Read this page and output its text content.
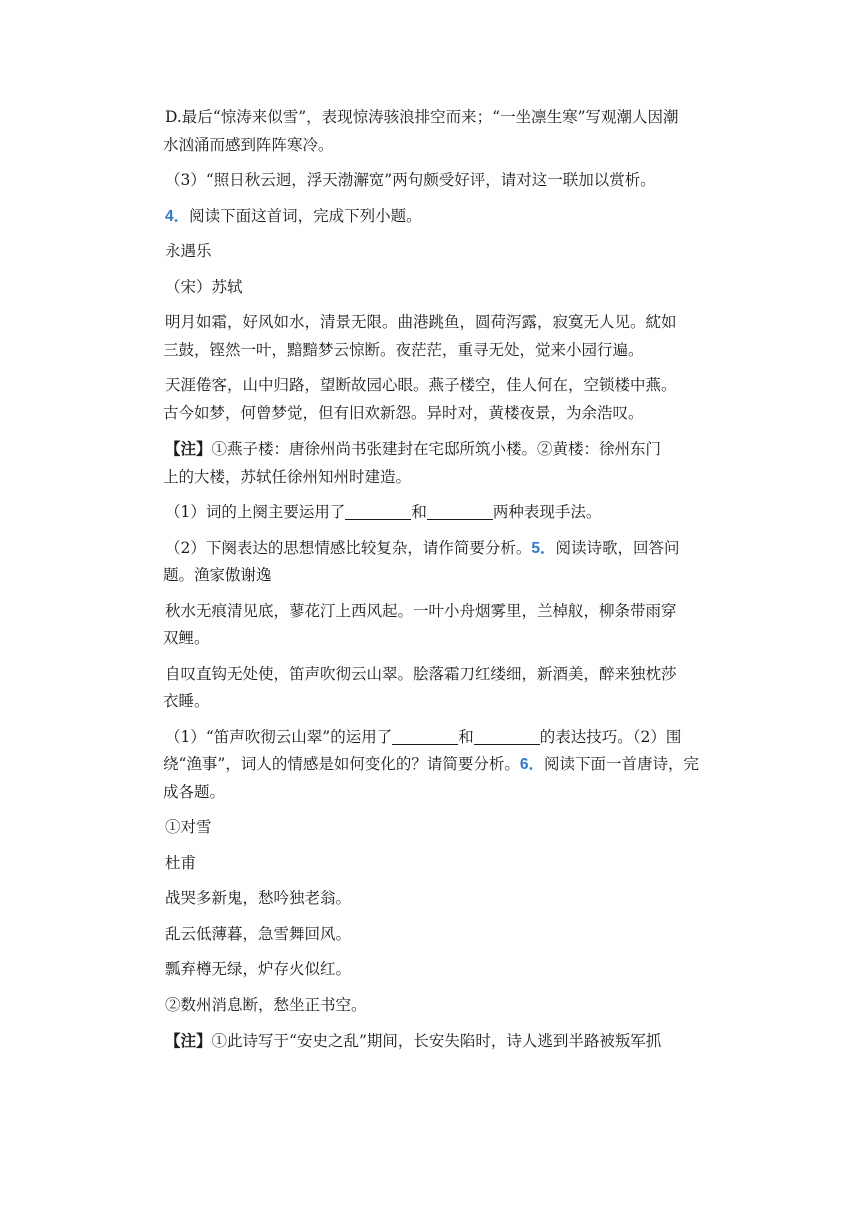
D.最后“惊涛来似雪”，表现惊涛骇浪排空而来；“一坐凛生寒”写观潮人因潮
水汹涌而感到阵阵寒冷。

（3）“照日秋云迥，浮天渤澥宽”两句颇受好评，请对这一联加以赏析。

4．阅读下面这首词，完成下列小题。

永遇乐

（宋）苏轼

明月如霜，好风如水，清景无限。曲港跳鱼，圆荷泻露，寂寞无人见。紞如
三鼓，铿然一叶，黯黯梦云惊断。夜茫茫，重寻无处，觉来小园行遍。

天涯倦客，山中归路，望断故园心眼。燕子楼空，佳人何在，空锁楼中燕。
古今如梦，何曾梦觉，但有旧欢新怨。异时对，黄楼夜景，为余浩叹。

【注】①燕子楼：唐徐州尚书张建封在宅邸所筑小楼。②黄楼：徐州东门
上的大楼，苏轼任徐州知州时建造。

（1）词的上阕主要运用了	和	两种表现手法。

（2）下阕表达的思想情感比较复杂，请作简要分析。5．阅读诗歌，回答问
题。渔家傲谢逸

秋水无痕清见底，蓼花汀上西风起。一叶小舟烟雾里，兰棹舣，柳条带雨穿
双鲤。

自叹直钩无处使，笛声吹彻云山翠。脍落霜刀红缕细，新酒美，醉来独枕莎
衣睡。

（1）“笛声吹彻云山翠”的运用了	和	的表达技巧。（2）围
绕“渔事”，词人的情感是如何变化的？请简要分析。6．阅读下面一首唐诗，完
成各题。

①对雪

杜甫

战哭多新鬼，愁吟独老翁。

乱云低薄暮，急雪舞回风。

瓢弃樽无绿，炉存火似红。

②数州消息断，愁坐正书空。

【注】①此诗写于“安史之乱”期间，长安失陷时，诗人逃到半路被叛军抓
